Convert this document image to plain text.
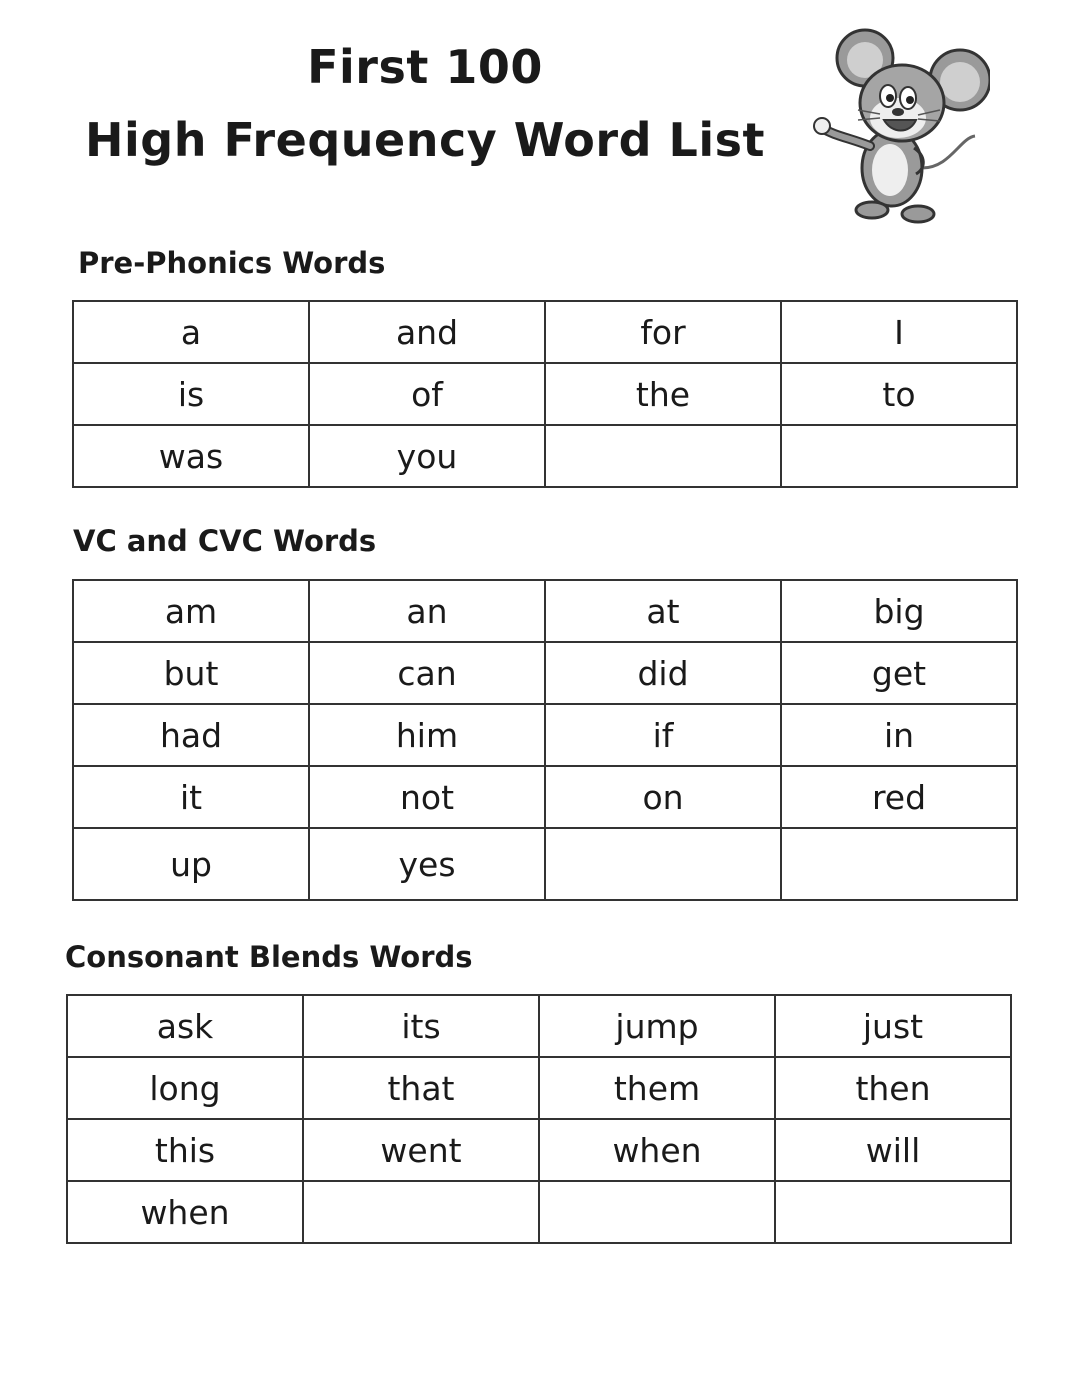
First 100
High Frequency Word List
Pre-Phonics Words
a	and	for	I
is	of	the	to
was	you		
VC and CVC Words
am	an	at	big
but	can	did	get
had	him	if	in
it	not	on	red
up	yes		
Consonant Blends Words
ask	its	jump	just
long	that	them	then
this	went	when	will
when			
